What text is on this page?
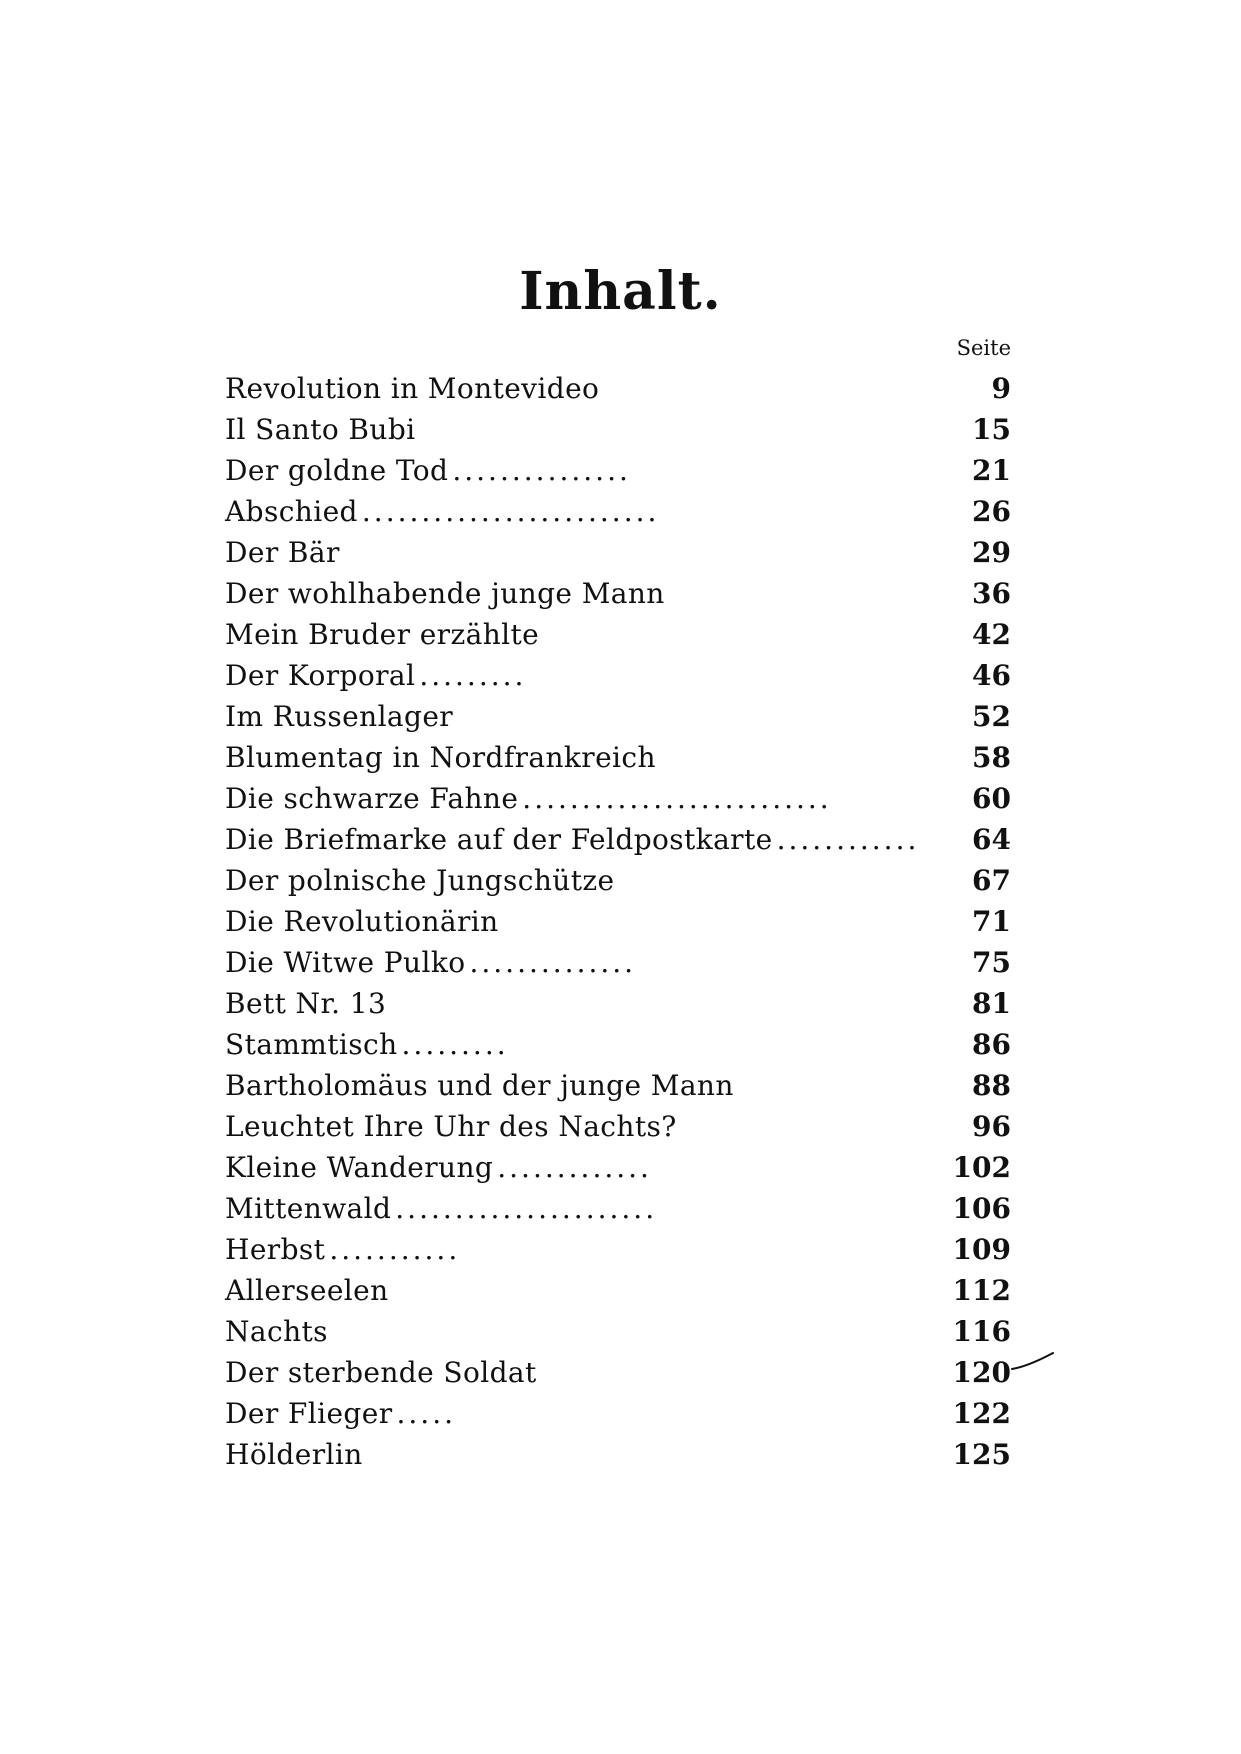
Inhalt.
Seite
Revolution in Montevideo	9
Il Santo Bubi	15
Der goldne Tod ...............	21
Abschied .........................	26
Der Bär	29
Der wohlhabende junge Mann	36
Mein Bruder erzählte	42
Der Korporal .........	46
Im Russenlager	52
Blumentag in Nordfrankreich	58
Die schwarze Fahne ..........................	60
Die Briefmarke auf der Feldpostkarte ............	64
Der polnische Jungschütze	67
Die Revolutionärin	71
Die Witwe Pulko ..............	75
Bett Nr. 13	81
Stammtisch .........	86
Bartholomäus und der junge Mann	88
Leuchtet Ihre Uhr des Nachts?	96
Kleine Wanderung .............	102
Mittenwald ......................	106
Herbst ...........	109
Allerseelen	112
Nachts	116
Der sterbende Soldat	120
Der Flieger .....	122
Hölderlin	125
